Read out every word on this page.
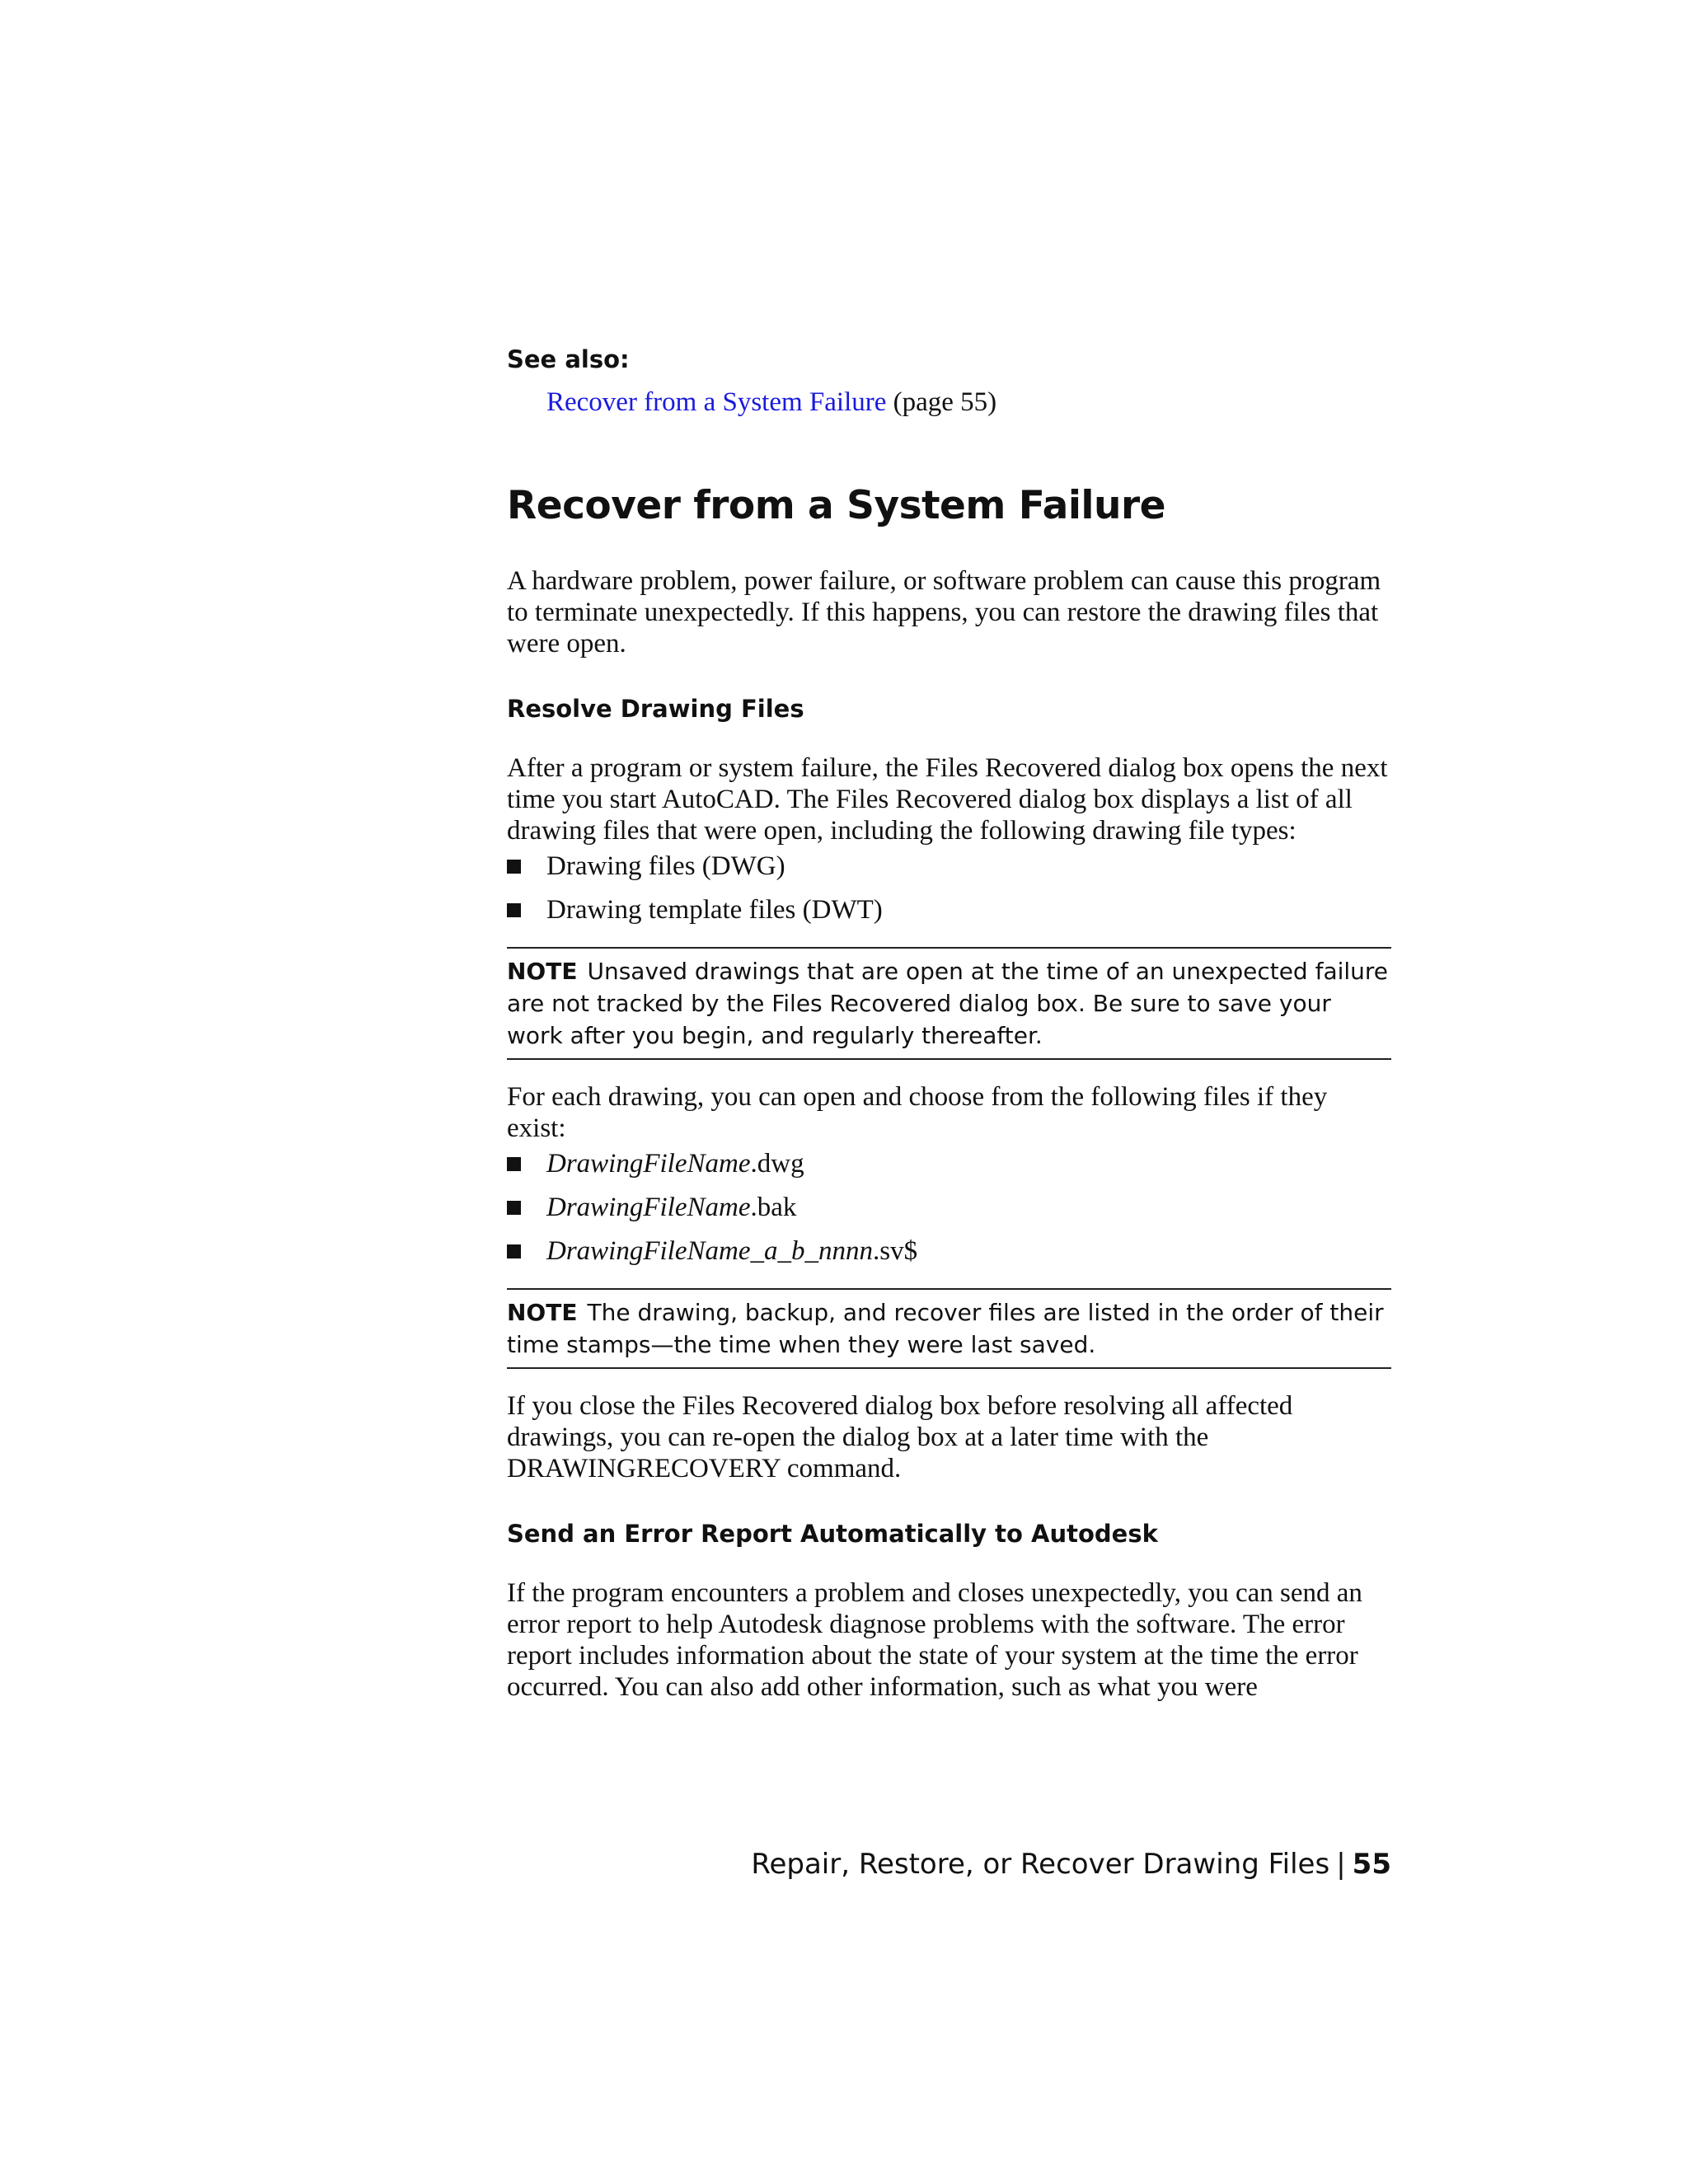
See also:

Recover from a System Failure (page 55)

Recover from a System Failure

A hardware problem, power failure, or software problem can cause this program to terminate unexpectedly. If this happens, you can restore the drawing files that were open.

Resolve Drawing Files

After a program or system failure, the Files Recovered dialog box opens the next time you start AutoCAD. The Files Recovered dialog box displays a list of all drawing files that were open, including the following drawing file types:

Drawing files (DWG)
Drawing template files (DWT)
NOTE Unsaved drawings that are open at the time of an unexpected failure are not tracked by the Files Recovered dialog box. Be sure to save your work after you begin, and regularly thereafter.

For each drawing, you can open and choose from the following files if they exist:

DrawingFileName.dwg
DrawingFileName.bak
DrawingFileName_a_b_nnnn.sv$
NOTE The drawing, backup, and recover files are listed in the order of their time stamps—the time when they were last saved.

If you close the Files Recovered dialog box before resolving all affected drawings, you can re-open the dialog box at a later time with the DRAWINGRECOVERY command.

Send an Error Report Automatically to Autodesk

If the program encounters a problem and closes unexpectedly, you can send an error report to help Autodesk diagnose problems with the software. The error report includes information about the state of your system at the time the error occurred. You can also add other information, such as what you were

Repair, Restore, or Recover Drawing Files | 55
